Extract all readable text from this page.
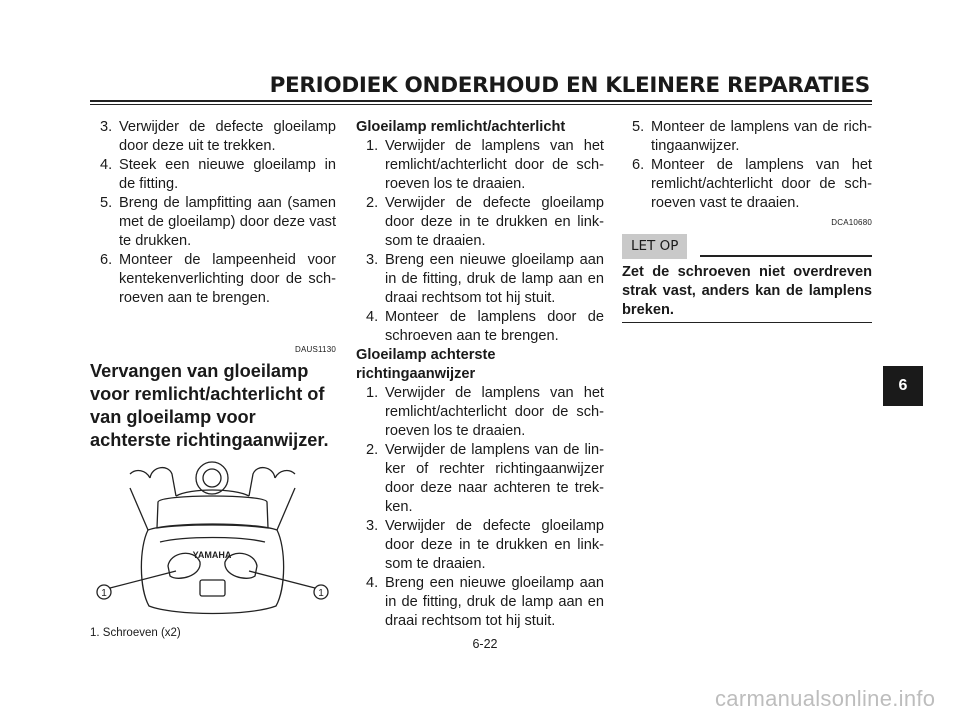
PERIODIEK ONDERHOUD EN KLEINERE REPARATIES
3. Verwijder de defecte gloeilamp door deze uit te trekken.
4. Steek een nieuwe gloeilamp in de fitting.
5. Breng de lampfitting aan (samen met de gloeilamp) door deze vast te drukken.
6. Monteer de lampeenheid voor kentekenverlichting door de sch-roeven aan te brengen.
DAUS1130
Vervangen van gloeilamp voor remlicht/achterlicht of van gloeilamp voor achterste richtingaanwijzer.
YAMAHA
1	1
1. Schroeven (x2)
Gloeilamp remlicht/achterlicht
1. Verwijder de lamplens van het remlicht/achterlicht door de sch-roeven los te draaien.
2. Verwijder de defecte gloeilamp door deze in te drukken en link-som te draaien.
3. Breng een nieuwe gloeilamp aan in de fitting, druk de lamp aan en draai rechtsom tot hij stuit.
4. Monteer de lamplens door de schroeven aan te brengen.
Gloeilamp achterste richtingaanwijzer
1. Verwijder de lamplens van het remlicht/achterlicht door de sch-roeven los te draaien.
2. Verwijder de lamplens van de lin-ker of rechter richtingaanwijzer door deze naar achteren te trek-ken.
3. Verwijder de defecte gloeilamp door deze in te drukken en link-som te draaien.
4. Breng een nieuwe gloeilamp aan in de fitting, druk de lamp aan en draai rechtsom tot hij stuit.
5. Monteer de lamplens van de rich-tingaanwijzer.
6. Monteer de lamplens van het remlicht/achterlicht door de sch-roeven vast te draaien.
DCA10680
LET OP
Zet de schroeven niet overdreven strak vast, anders kan de lamplens breken.
6-22
6
carmanualsonline.info
